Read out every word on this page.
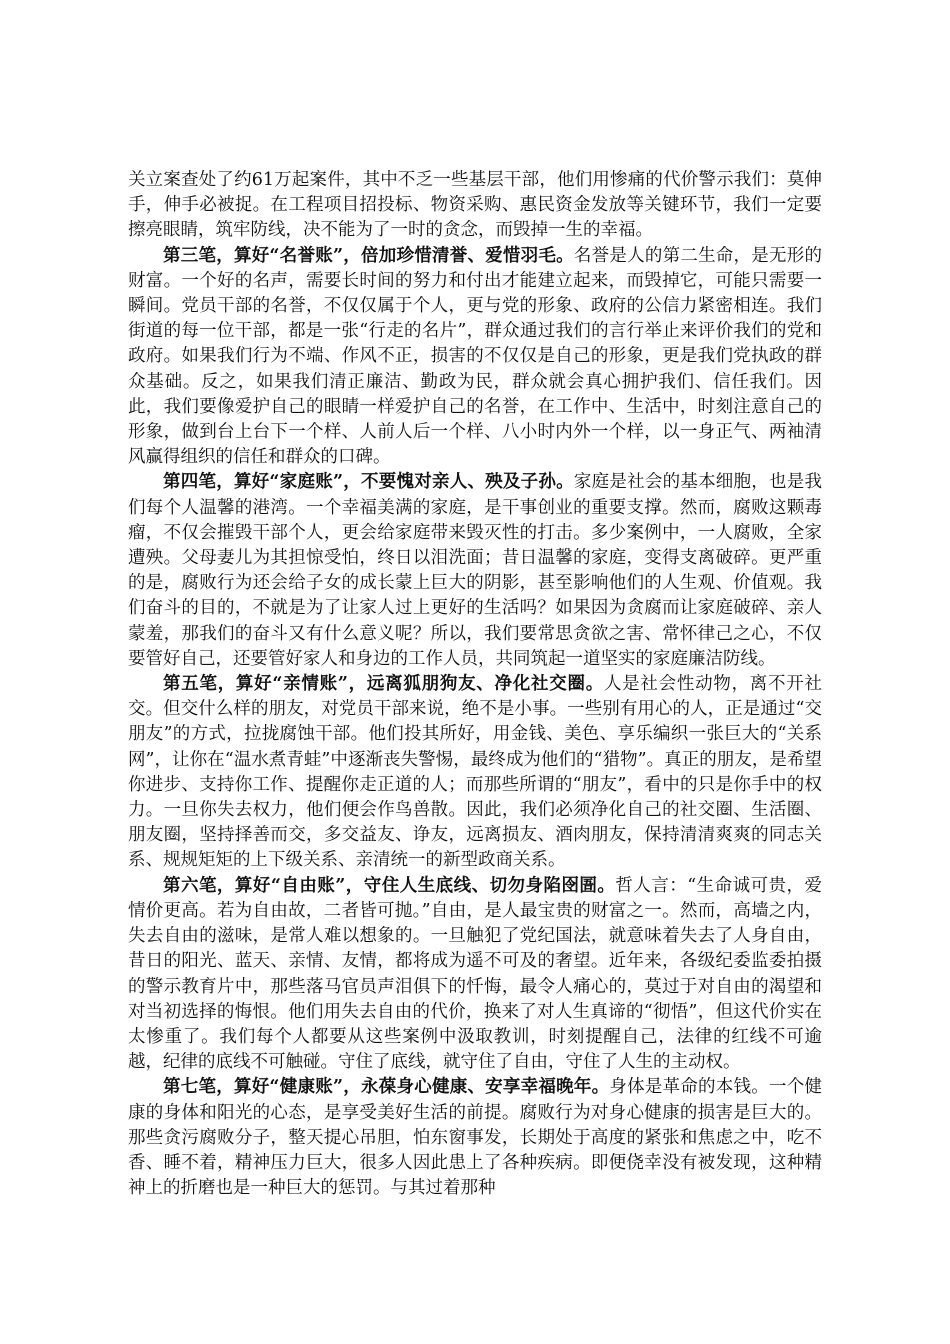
关立案查处了约61万起案件，其中不乏一些基层干部，他们用惨痛的代价警示我们：莫伸手，伸手必被捉。在工程项目招投标、物资采购、惠民资金发放等关键环节，我们一定要擦亮眼睛，筑牢防线，决不能为了一时的贪念，而毁掉一生的幸福。

第三笔，算好“名誉账”，倍加珍惜清誉、爱惜羽毛。名誉是人的第二生命，是无形的财富。一个好的名声，需要长时间的努力和付出才能建立起来，而毁掉它，可能只需要一瞬间。党员干部的名誉，不仅仅属于个人，更与党的形象、政府的公信力紧密相连。我们街道的每一位干部，都是一张“行走的名片”，群众通过我们的言行举止来评价我们的党和政府。如果我们行为不端、作风不正，损害的不仅仅是自己的形象，更是我们党执政的群众基础。反之，如果我们清正廉洁、勤政为民，群众就会真心拥护我们、信任我们。因此，我们要像爱护自己的眼睛一样爱护自己的名誉，在工作中、生活中，时刻注意自己的形象，做到台上台下一个样、人前人后一个样、八小时内外一个样，以一身正气、两袖清风赢得组织的信任和群众的口碑。

第四笔，算好“家庭账”，不要愧对亲人、殃及子孙。家庭是社会的基本细胞，也是我们每个人温馨的港湾。一个幸福美满的家庭，是干事创业的重要支撑。然而，腐败这颗毒瘤，不仅会摧毁干部个人，更会给家庭带来毁灭性的打击。多少案例中，一人腐败，全家遭殃。父母妻儿为其担惊受怕，终日以泪洗面；昔日温馨的家庭，变得支离破碎。更严重的是，腐败行为还会给子女的成长蒙上巨大的阴影，甚至影响他们的人生观、价值观。我们奋斗的目的，不就是为了让家人过上更好的生活吗？如果因为贪腐而让家庭破碎、亲人蒙羞，那我们的奋斗又有什么意义呢？所以，我们要常思贪欲之害、常怀律己之心，不仅要管好自己，还要管好家人和身边的工作人员，共同筑起一道坚实的家庭廉洁防线。

第五笔，算好“亲情账”，远离狐朋狗友、净化社交圈。人是社会性动物，离不开社交。但交什么样的朋友，对党员干部来说，绝不是小事。一些别有用心的人，正是通过“交朋友”的方式，拉拢腐蚀干部。他们投其所好，用金钱、美色、享乐编织一张巨大的“关系网”，让你在“温水煮青蛙”中逐渐丧失警惕，最终成为他们的“猎物”。真正的朋友，是希望你进步、支持你工作、提醒你走正道的人；而那些所谓的“朋友”，看中的只是你手中的权力。一旦你失去权力，他们便会作鸟兽散。因此，我们必须净化自己的社交圈、生活圈、朋友圈，坚持择善而交，多交益友、诤友，远离损友、酒肉朋友，保持清清爽爽的同志关系、规规矩矩的上下级关系、亲清统一的新型政商关系。

第六笔，算好“自由账”，守住人生底线、切勿身陷囹圄。哲人言：“生命诚可贵，爱情价更高。若为自由故，二者皆可抛。”自由，是人最宝贵的财富之一。然而，高墙之内，失去自由的滋味，是常人难以想象的。一旦触犯了党纪国法，就意味着失去了人身自由，昔日的阳光、蓝天、亲情、友情，都将成为遥不可及的奢望。近年来，各级纪委监委拍摄的警示教育片中，那些落马官员声泪俱下的忏悔，最令人痛心的，莫过于对自由的渴望和对当初选择的悔恨。他们用失去自由的代价，换来了对人生真谛的“彻悟”，但这代价实在太惨重了。我们每个人都要从这些案例中汲取教训，时刻提醒自己，法律的红线不可逾越，纪律的底线不可触碰。守住了底线，就守住了自由，守住了人生的主动权。

第七笔，算好“健康账”，永葆身心健康、安享幸福晚年。身体是革命的本钱。一个健康的身体和阳光的心态，是享受美好生活的前提。腐败行为对身心健康的损害是巨大的。那些贪污腐败分子，整天提心吊胆，怕东窗事发，长期处于高度的紧张和焦虑之中，吃不香、睡不着，精神压力巨大，很多人因此患上了各种疾病。即便侥幸没有被发现，这种精神上的折磨也是一种巨大的惩罚。与其过着那种
